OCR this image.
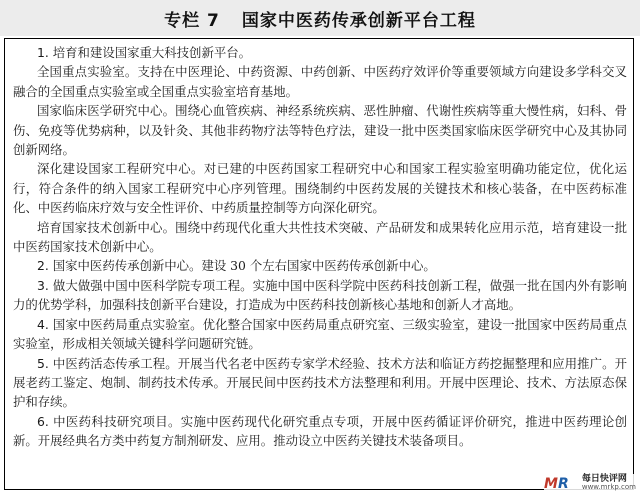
专栏 7 国家中医药传承创新平台工程

1. 培育和建设国家重大科技创新平台。

全国重点实验室。支持在中医理论、中药资源、中药创新、中医药疗效评价等重要领域方向建设多学科交叉融合的全国重点实验室或全国重点实验室培育基地。

国家临床医学研究中心。围绕心血管疾病、神经系统疾病、恶性肿瘤、代谢性疾病等重大慢性病，妇科、骨伤、免疫等优势病种，以及针灸、其他非药物疗法等特色疗法，建设一批中医类国家临床医学研究中心及其协同创新网络。

深化建设国家工程研究中心。对已建的中医药国家工程研究中心和国家工程实验室明确功能定位，优化运行，符合条件的纳入国家工程研究中心序列管理。围绕制约中医药发展的关键技术和核心装备，在中医药标准化、中医药临床疗效与安全性评价、中药质量控制等方向深化研究。

培育国家技术创新中心。围绕中药现代化重大共性技术突破、产品研发和成果转化应用示范，培育建设一批中医药国家技术创新中心。

2. 国家中医药传承创新中心。建设 30 个左右国家中医药传承创新中心。

3. 做大做强中国中医科学院专项工程。实施中国中医科学院中医药科技创新工程，做强一批在国内外有影响力的优势学科，加强科技创新平台建设，打造成为中医药科技创新核心基地和创新人才高地。

4. 国家中医药局重点实验室。优化整合国家中医药局重点研究室、三级实验室，建设一批国家中医药局重点实验室，形成相关领域关键科学问题研究链。

5. 中医药活态传承工程。开展当代名老中医药专家学术经验、技术方法和临证方药挖掘整理和应用推广。开展老药工鉴定、炮制、制药技术传承。开展民间中医药技术方法整理和利用。开展中医理论、技术、方法原态保护和存续。

6. 中医药科技研究项目。实施中医药现代化研究重点专项，开展中医药循证评价研究，推进中医药理论创新。开展经典名方类中药复方制剂研发、应用。推动设立中医药关键技术装备项目。

M R 每日快评网
www.mrkp.com
